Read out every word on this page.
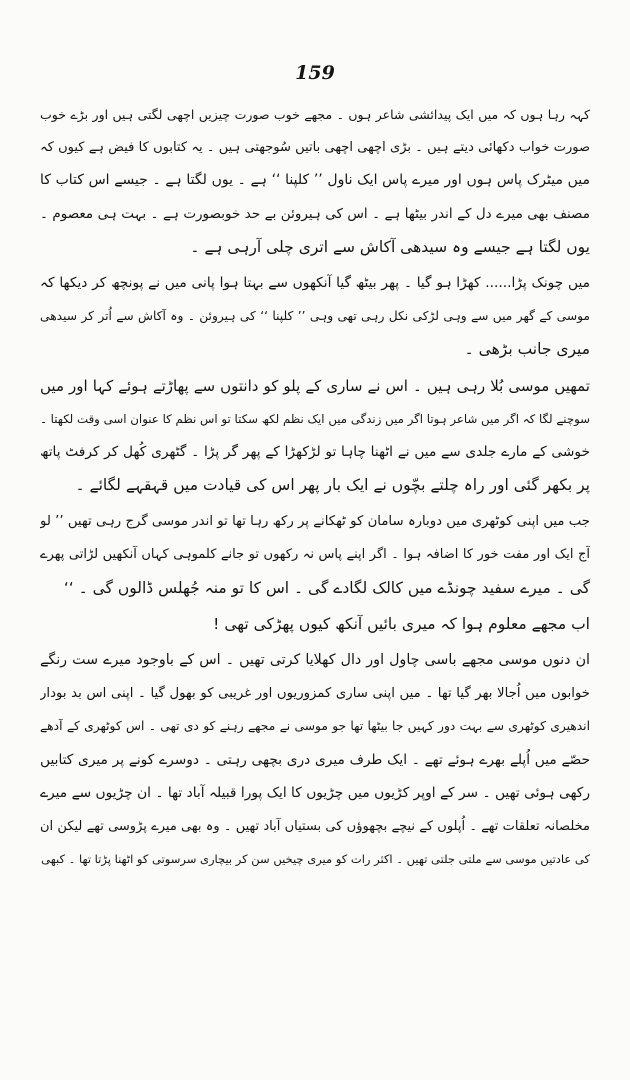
159
کہہ رہا ہوں کہ میں ایک پیدائشی شاعر ہوں ۔ مجھے خوب صورت چیزیں اچھی لگتی ہیں اور بڑے خوب
صورت خواب دکھائی دیتے ہیں ۔ بڑی اچھی اچھی باتیں سُوجھتی ہیں ۔ یہ کتابوں کا فیض ہے کیوں کہ
میں میٹرک پاس ہوں اور میرے پاس ایک ناول ’’ کلپنا ‘‘ ہے ۔ یوں لگتا ہے ۔ جیسے اس کتاب کا
مصنف بھی میرے دل کے اندر بیٹھا ہے ۔ اس کی ہیروئن بے حد خوبصورت ہے ۔ بہت ہی معصوم ۔
یوں لگتا ہے جیسے وہ سیدھی آکاش سے اتری چلی آرہی ہے ۔
میں چونک پڑا...... کھڑا ہو گیا ۔ پھر بیٹھ گیا آنکھوں سے بہتا ہوا پانی میں نے پونچھ کر دیکھا کہ
موسی کے گھر میں سے وہی لڑکی نکل رہی تھی وہی ’’ کلپنا ‘‘ کی ہیروئن ۔ وہ آکاش سے اُتر کر سیدھی
میری جانب بڑھی ۔
تمھیں موسی بُلا رہی ہیں ۔ اس نے ساری کے پلو کو دانتوں سے پھاڑتے ہوئے کہا اور میں
سوچنے لگا کہ اگر میں شاعر ہوتا اگر میں زندگی میں ایک نظم لکھ سکتا تو اس نظم کا عنوان اسی وقت لکھتا ۔
خوشی کے مارے جلدی سے میں نے اٹھنا چاہا تو لڑکھڑا کے پھر گر پڑا ۔ گٹھری کُھل کر کرفٹ پاتھ
پر بکھر گئی اور راہ چلتے بچّوں نے ایک بار پھر اس کی قیادت میں قہقہے لگائے ۔
جب میں اپنی کوٹھری میں دوبارہ سامان کو ٹھکانے پر رکھ رہا تھا تو اندر موسی گرج رہی تھیں ’’ لو
آج ایک اور مفت خور کا اضافہ ہوا ۔ اگر اپنے پاس نہ رکھوں تو جانے کلموہی کہاں آنکھیں لڑاتی پھرے
گی ۔ میرے سفید چونڈے میں کالک لگادے گی ۔ اس کا تو منہ جُھلس ڈالوں گی ۔ ‘‘
اب مجھے معلوم ہوا کہ میری بائیں آنکھ کیوں پھڑکی تھی !
ان دنوں موسی مجھے باسی چاول اور دال کھلایا کرتی تھیں ۔ اس کے باوجود میرے ست رنگے
خوابوں میں اُجالا بھر گیا تھا ۔ میں اپنی ساری کمزوریوں اور غریبی کو بھول گیا ۔ اپنی اس بد بودار
اندھیری کوٹھری سے بہت دور کہیں جا بیٹھا تھا جو موسی نے مجھے رہنے کو دی تھی ۔ اس کوٹھری کے آدھے
حصّے میں اُپلے بھرے ہوئے تھے ۔ ایک طرف میری دری بچھی رہتی ۔ دوسرے کونے پر میری کتابیں
رکھی ہوئی تھیں ۔ سر کے اوپر کڑیوں میں چڑیوں کا ایک پورا قبیلہ آباد تھا ۔ ان چڑیوں سے میرے
مخلصانہ تعلقات تھے ۔ اُپلوں کے نیچے بچھوؤں کی بستیاں آباد تھیں ۔ وہ بھی میرے پڑوسی تھے لیکن ان
کی عادتیں موسی سے ملتی جلتی تھیں ۔ اکثر رات کو میری چیخیں سن کر بیچاری سرسوتی کو اٹھنا پڑتا تھا ۔ کبھی
